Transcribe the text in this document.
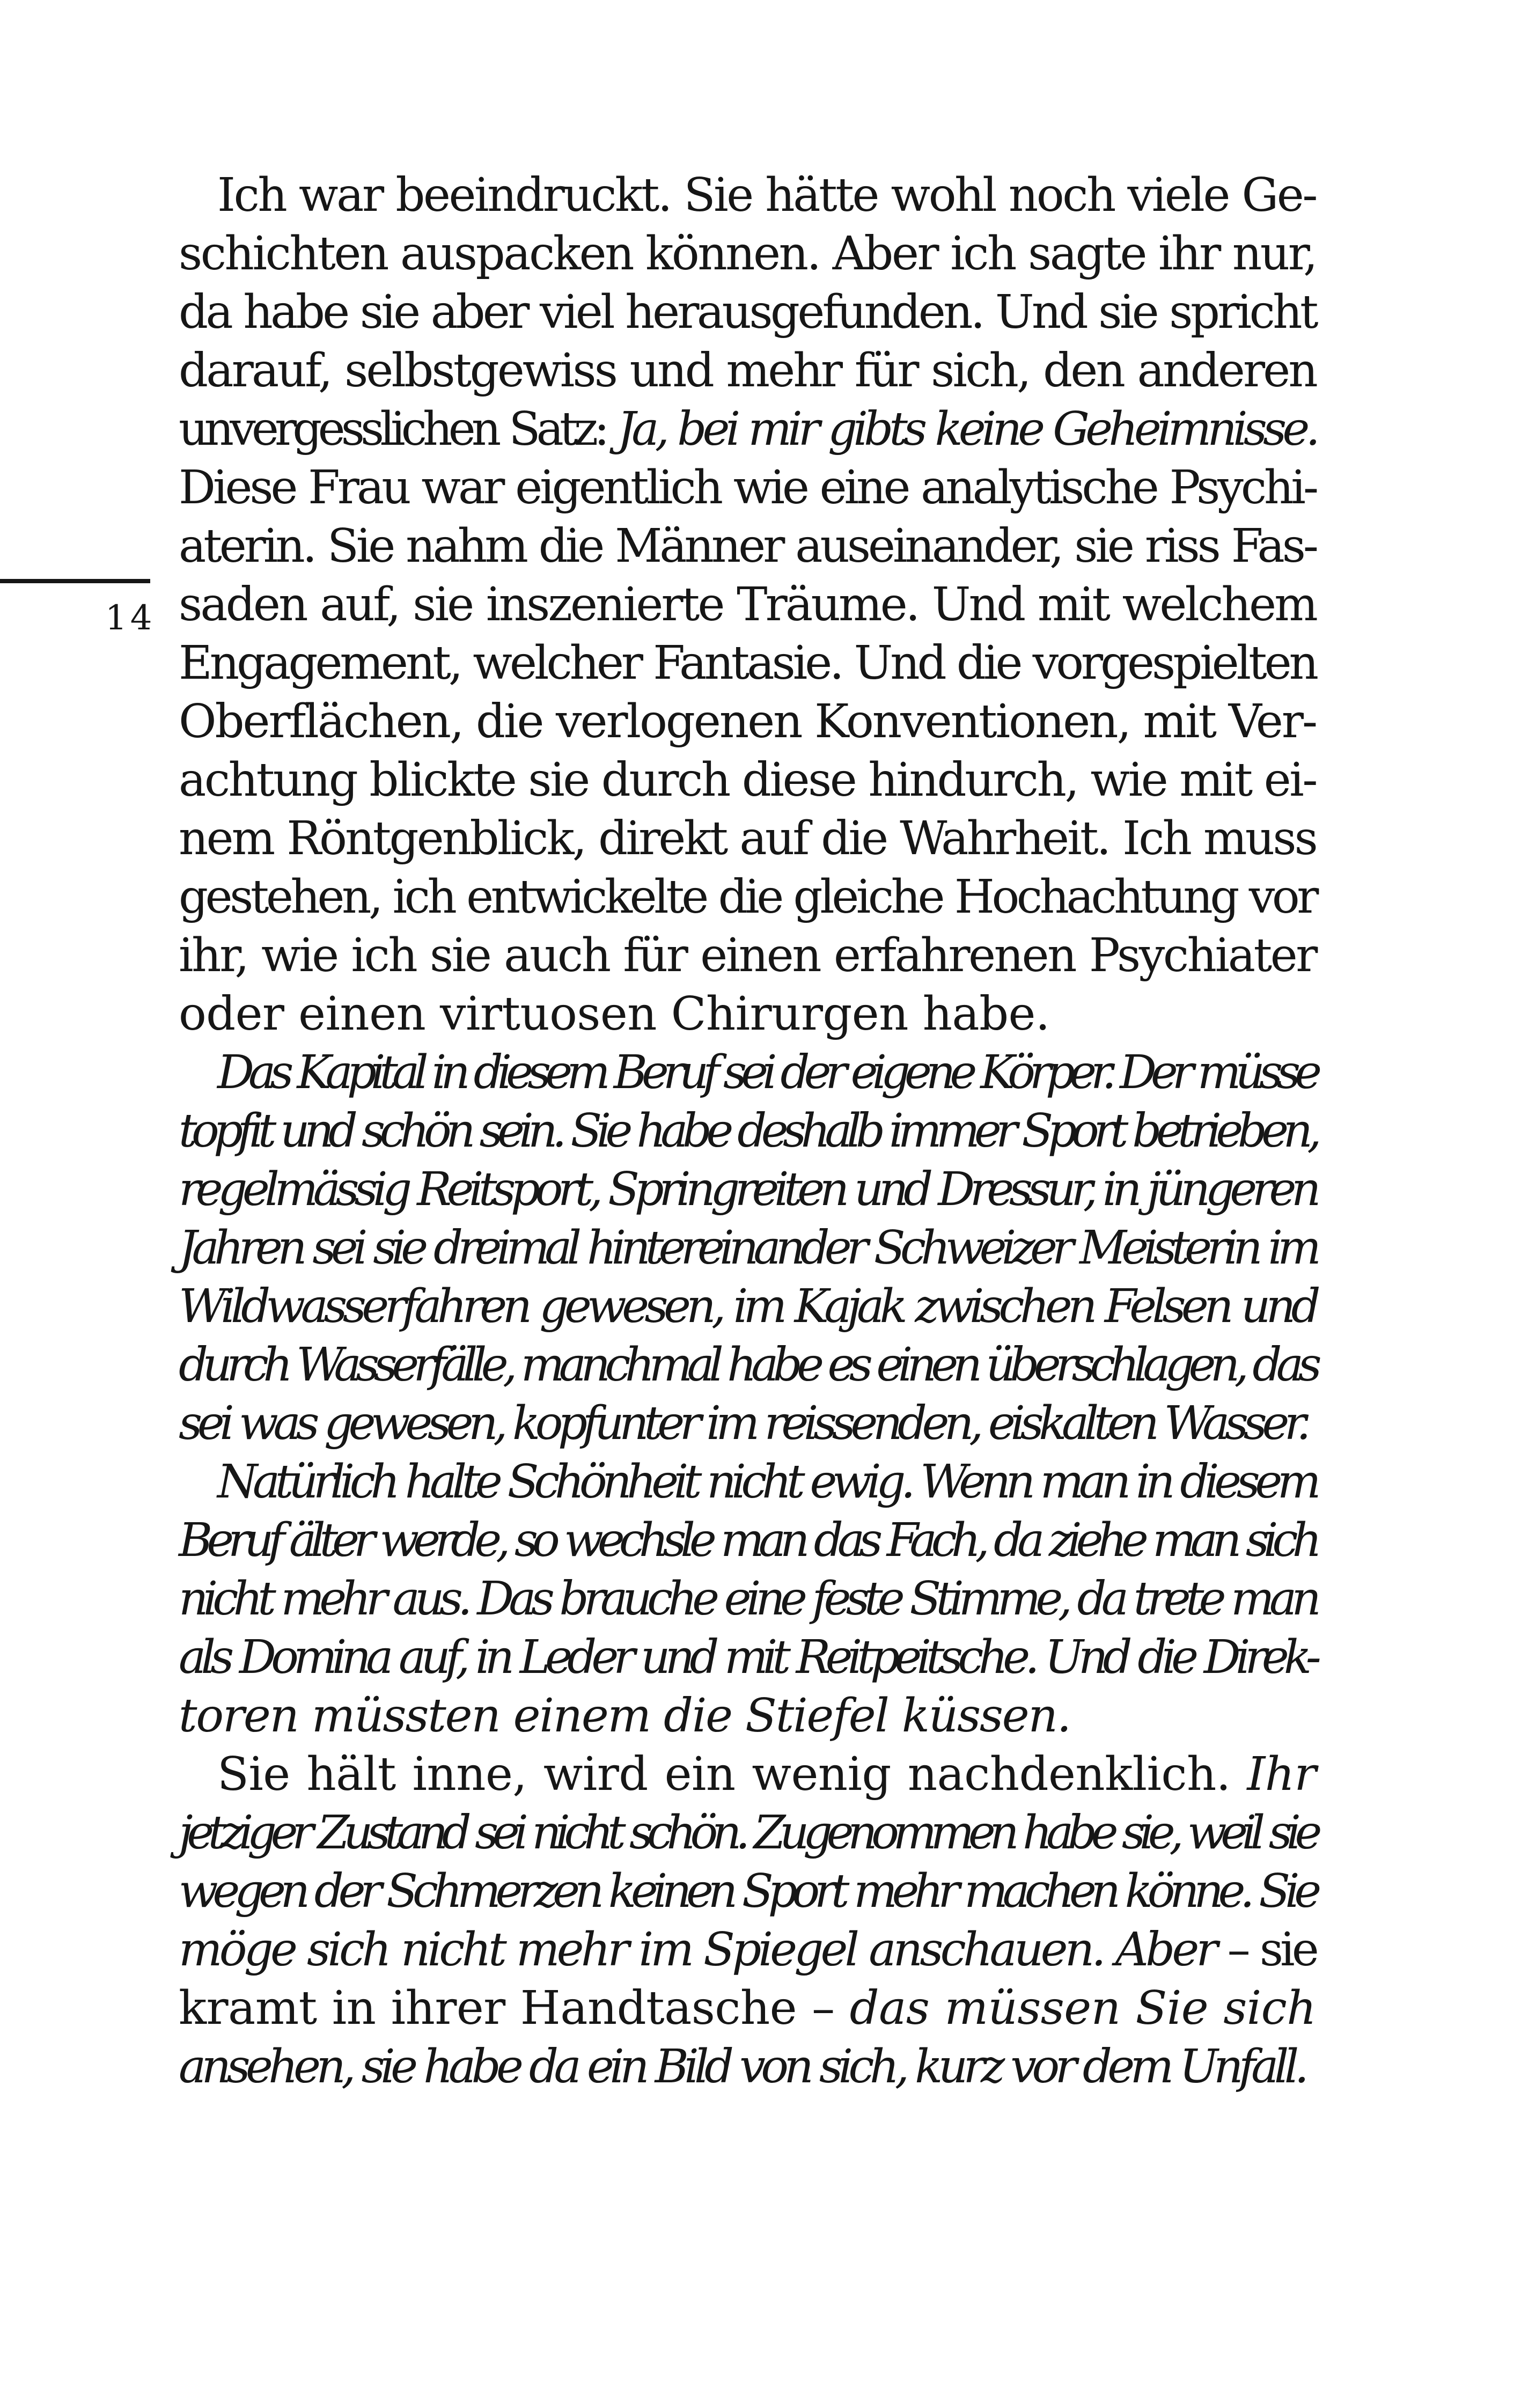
14
Ich war beeindruckt. Sie hätte wohl noch viele Ge-
schichten auspacken können. Aber ich sagte ihr nur,
da habe sie aber viel herausgefunden. Und sie spricht
darauf, selbstgewiss und mehr für sich, den anderen
unvergesslichen Satz: Ja, bei mir gibts keine Geheimnisse.
Diese Frau war eigentlich wie eine analytische Psychi-
aterin. Sie nahm die Männer auseinander, sie riss Fas-
saden auf, sie inszenierte Träume. Und mit welchem
Engagement, welcher Fantasie. Und die vorgespielten
Oberflächen, die verlogenen Konventionen, mit Ver-
achtung blickte sie durch diese hindurch, wie mit ei-
nem Röntgenblick, direkt auf die Wahrheit. Ich muss
gestehen, ich entwickelte die gleiche Hochachtung vor
ihr, wie ich sie auch für einen erfahrenen Psychiater
oder einen virtuosen Chirurgen habe.
Das Kapital in diesem Beruf sei der eigene Körper. Der müsse
topfit und schön sein. Sie habe deshalb immer Sport betrieben,
regelmässig Reitsport, Springreiten und Dressur, in jüngeren
Jahren sei sie dreimal hintereinander Schweizer Meisterin im
Wildwasserfahren gewesen, im Kajak zwischen Felsen und
durch Wasserfälle, manchmal habe es einen überschlagen, das
sei was gewesen, kopfunter im reissenden, eiskalten Wasser.
Natürlich halte Schönheit nicht ewig. Wenn man in diesem
Beruf älter werde, so wechsle man das Fach, da ziehe man sich
nicht mehr aus. Das brauche eine feste Stimme, da trete man
als Domina auf, in Leder und mit Reitpeitsche. Und die Direk-
toren müssten einem die Stiefel küssen.
Sie hält inne, wird ein wenig nachdenklich. Ihr
jetziger Zustand sei nicht schön. Zugenommen habe sie, weil sie
wegen der Schmerzen keinen Sport mehr machen könne. Sie
möge sich nicht mehr im Spiegel anschauen. Aber – sie
kramt in ihrer Handtasche – das müssen Sie sich
ansehen, sie habe da ein Bild von sich, kurz vor dem Unfall.
